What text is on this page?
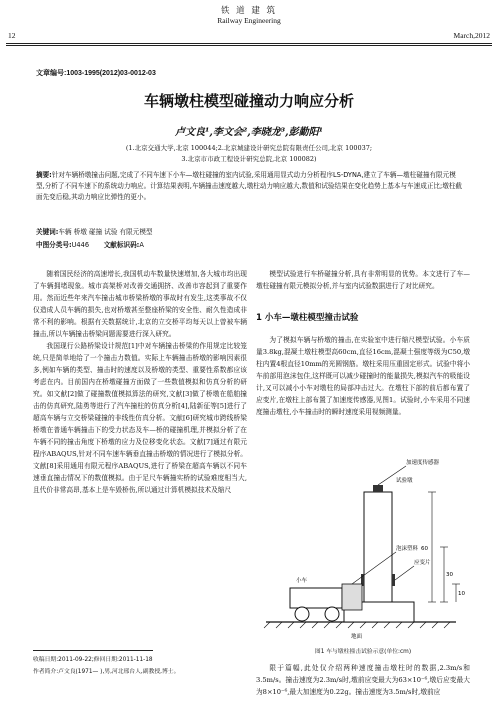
铁 道 建 筑
Railway Engineering
12	March,2012
文章编号:1003-1995(2012)03-0012-03
车辆墩柱模型碰撞动力响应分析
卢文良¹,李文会²,李晓龙³,彭勤阳¹
(1.北京交通大学,北京 100044;2.北京城建设计研究总院有限责任公司,北京 100037;
3.北京市市政工程设计研究总院,北京 100082)
摘要:针对车辆桥墩撞击问题,完成了不同车速下小车—墩柱碰撞的室内试验,采用通用显式动力分析程序LS-DYNA,建立了车辆—墩柱碰撞有限元模型,分析了不同车速下的系统动力响应。计算结果表明,车辆撞击速度越大,墩柱动力响应越大,数值和试验结果在变化趋势上基本与车速成正比;墩柱截面先变后稳,其动力响应比弹性的更小。
关键词:车辆 桥墩 碰撞 试验 有限元模型
中图分类号:U446 文献标识码:A

随着国民经济的高速增长,我国机动车数量快速增加,各大城市均出现了车辆拥堵现象。城市高架桥对改善交通拥挤、改善市容起到了重要作用。然而近些年来汽车撞击城市桥梁桥墩的事故时有发生,这类事故不仅仅造成人员车辆的损失,也对桥墩甚至整座桥梁的安全性、耐久性造成非常不利的影响。根据有关数据统计,北京的立交桥平均每天以上曾被车辆撞击,所以车辆撞击桥梁问题需要进行深入研究。

我国现行公路桥梁设计规范[1]中对车辆撞击桥梁的作用规定比较笼统,只是简单地给了一个撞击力数值。实际上车辆撞击桥墩的影响因素很多,例如车辆的类型、撞击时的速度以及桥墩的类型、重要性系数都应该考虑在内。目前国内在桥墩碰撞方面做了一些数值模拟和仿真分析的研究。如文献[2]做了碰撞数值模拟算法的研究,文献[3]做了桥墩在船舶撞击的仿真研究,陆勇等进行了汽车撞柱的仿真分析[4],陆新征等[5]进行了超高车辆与立交桥梁碰撞的非线性仿真分析。文献[6]研究城市跨线桥梁桥墩在普通车辆撞击下的受力状态及车—桥的碰撞机理,并模拟分析了在车辆不同的撞击角度下桥墩的应力及位移变化状态。文献[7]通过有限元程序ABAQUS,针对不同车速车辆垂直撞击桥墩的情况进行了模拟分析。文献[8]采用通用有限元程序ABAQUS,进行了桥梁在超高车辆以不同车速垂直撞击情况下的数值模拟。由于足尺车辆撞实桥的试验难度相当大,且代价非常高昂,基本上是车毁桥伤,所以通过计算机模拟技术及缩尺

收稿日期:2011-09-22;修回日期:2011-11-18
作者简介:卢文良(1971— ),男,河北邢台人,副教授,博士。

模型试验进行车桥碰撞分析,具有非常明显的优势。本文进行了车—墩柱碰撞有限元模拟分析,并与室内试验数据进行了对比研究。

1 小车—墩柱模型撞击试验

为了模拟车辆与桥墩的撞击,在实验室中进行缩尺模型试验。小车质量3.8kg,混凝土墩柱模型高60cm,直径16cm,混凝土强度等级为C50,墩柱内置4根直径10mm的光圆钢筋。墩柱采用压重固定形式。试验中将小车前部用泡沫包住,这样既可以减少碰撞时的能量损失,模拟汽车的吸能设计,又可以减小小车对墩柱的局部冲击过大。在墩柱下部的前后都布置了应变片,在墩柱上部布置了加速度传感器,见图1。试验时,小车采用不同速度撞击墩柱,小车撞击时的瞬时速度采用视频测量。

加速度传感器
试验墩
泡沫塑料
应变片
小车
地面
60
30
10
图1 车与墩柱撞击试验示意(单位:cm)

限于篇幅,此处仅介绍两种速度撞击墩柱时的数据,2.3m/s和3.5m/s。撞击速度为2.3m/s时,墩前应变最大为63×10⁻⁶,墩后应变最大为8×10⁻⁶,最大加速度为0.22g。撞击速度为3.5m/s时,墩前应
